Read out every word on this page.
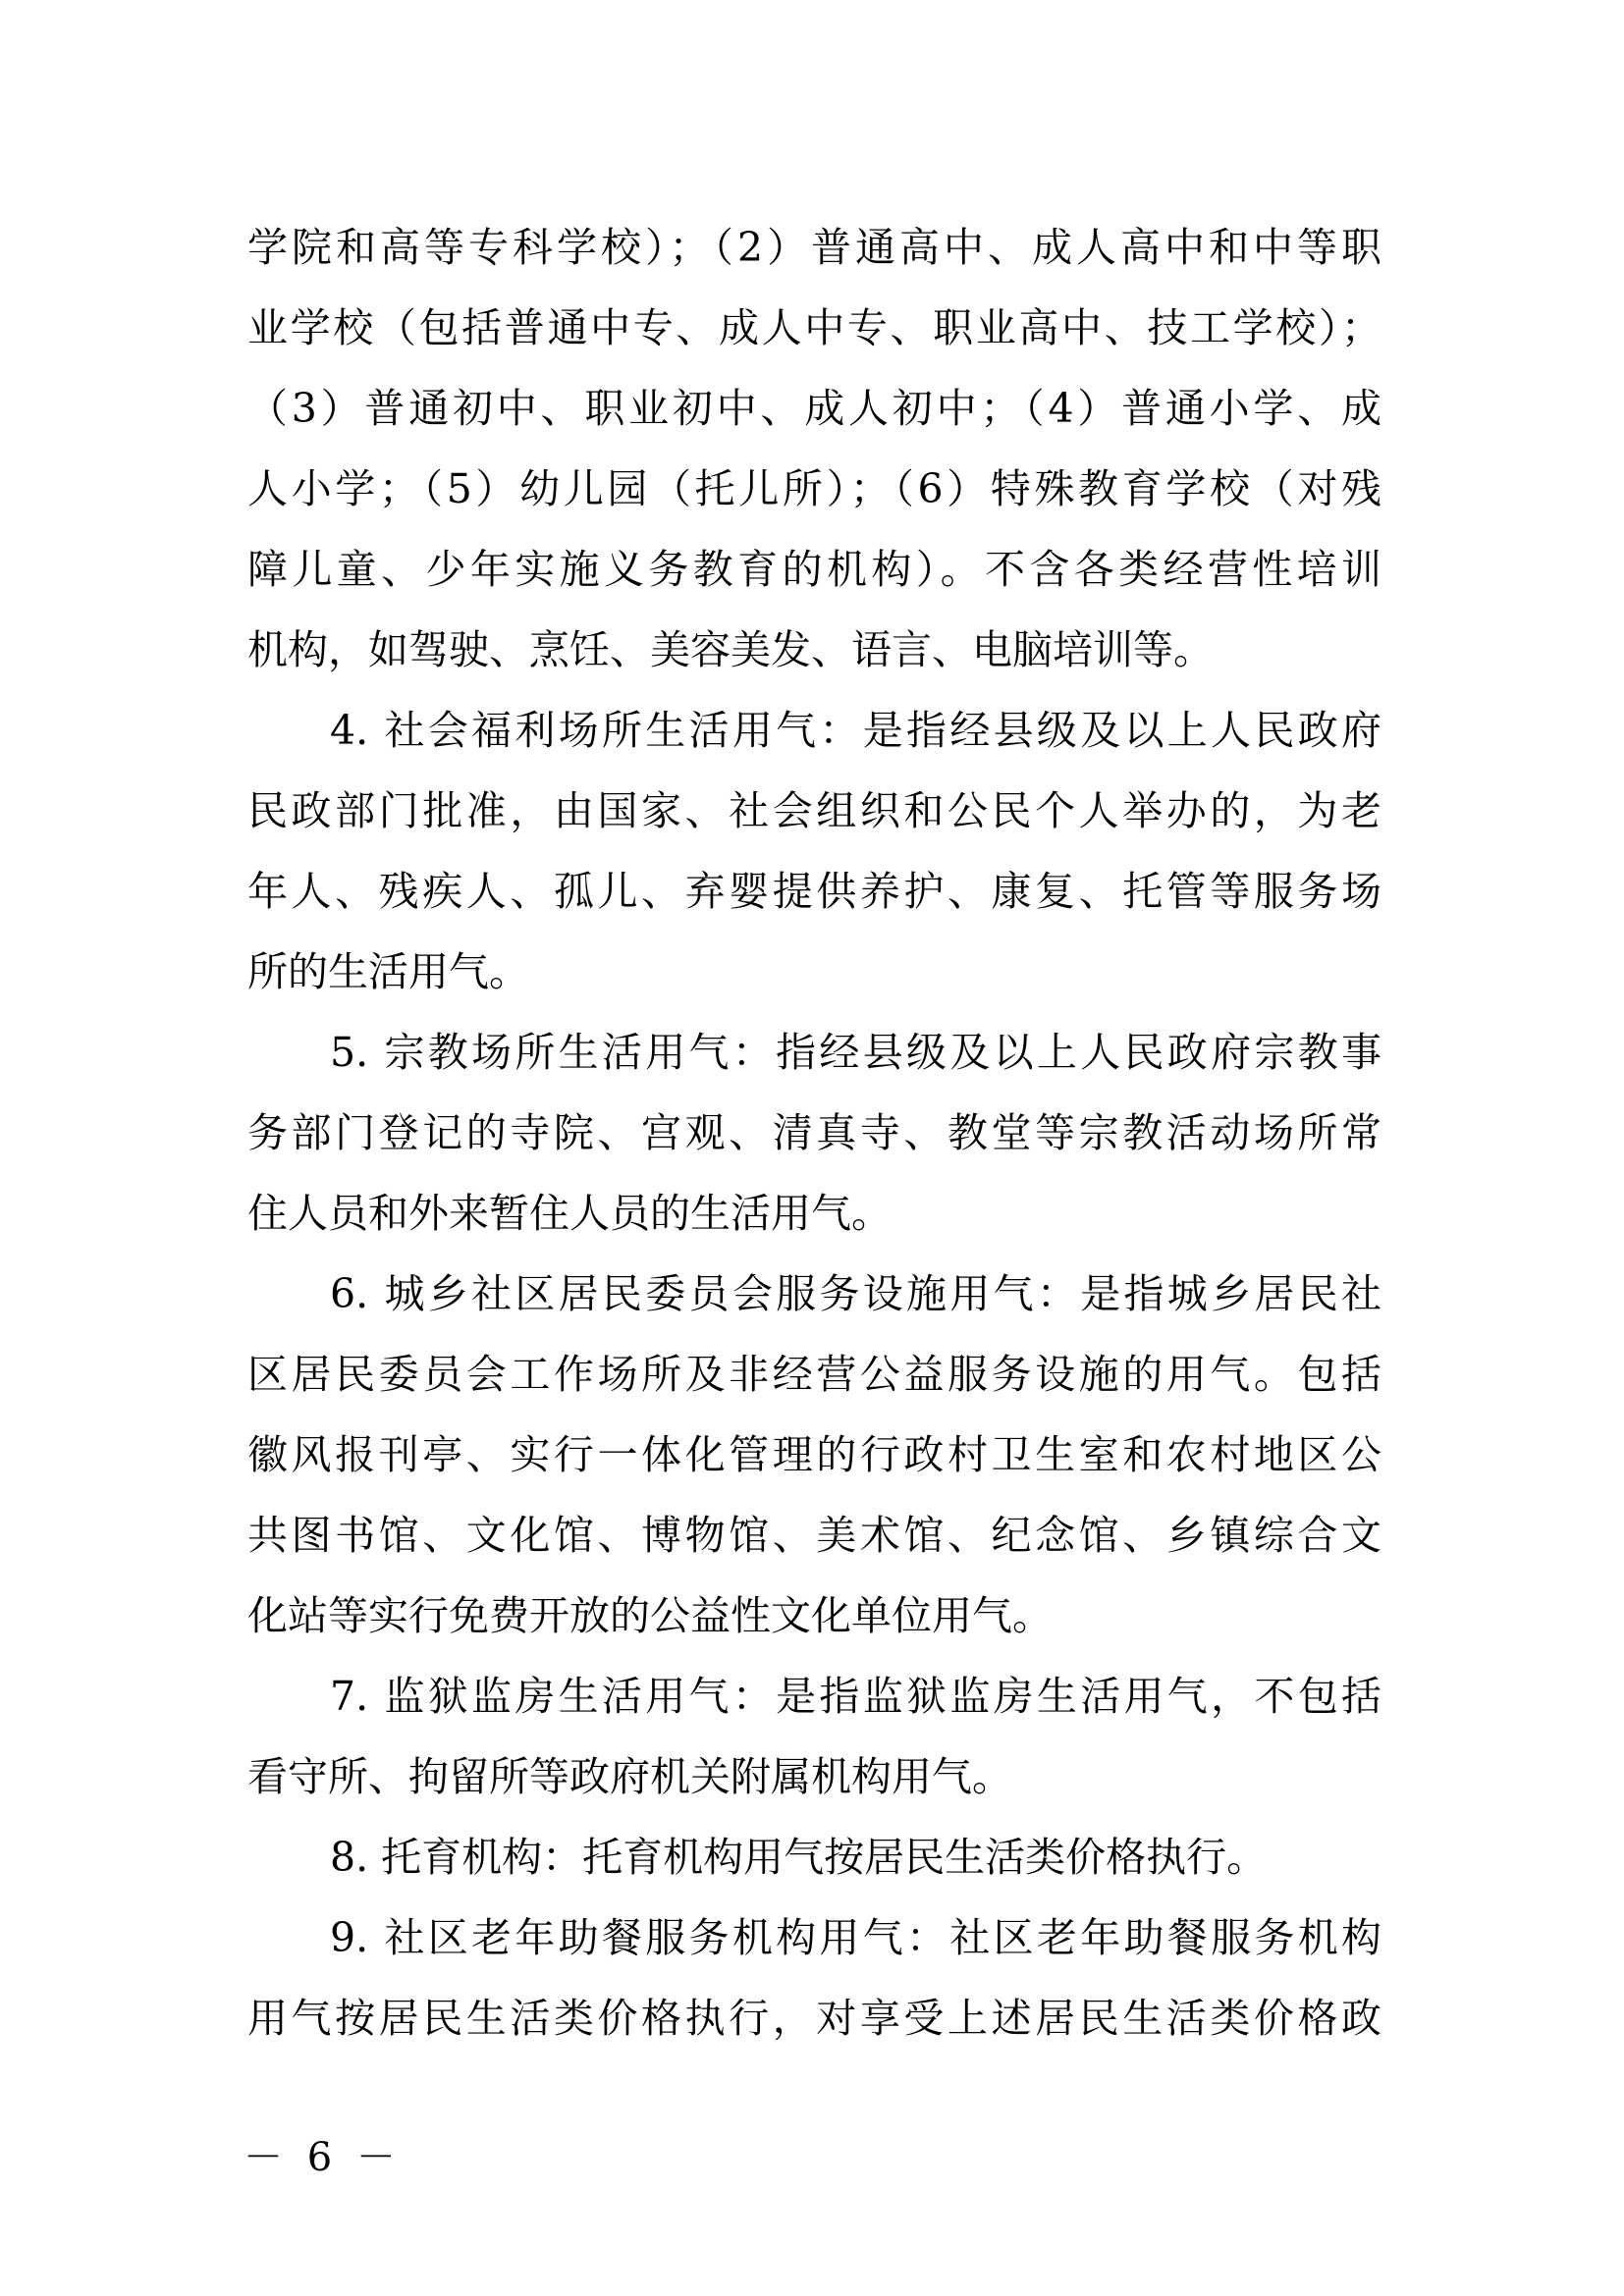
学院和高等专科学校）；（2）普通高中、成人高中和中等职
业学校（包括普通中专、成人中专、职业高中、技工学校）；
（3）普通初中、职业初中、成人初中；（4）普通小学、成
人小学；（5）幼儿园（托儿所）；（6）特殊教育学校（对残
障儿童、少年实施义务教育的机构）。不含各类经营性培训
机构，如驾驶、烹饪、美容美发、语言、电脑培训等。
4. 社会福利场所生活用气：是指经县级及以上人民政府
民政部门批准，由国家、社会组织和公民个人举办的，为老
年人、残疾人、孤儿、弃婴提供养护、康复、托管等服务场
所的生活用气。
5. 宗教场所生活用气：指经县级及以上人民政府宗教事
务部门登记的寺院、宫观、清真寺、教堂等宗教活动场所常
住人员和外来暂住人员的生活用气。
6. 城乡社区居民委员会服务设施用气：是指城乡居民社
区居民委员会工作场所及非经营公益服务设施的用气。包括
徽风报刊亭、实行一体化管理的行政村卫生室和农村地区公
共图书馆、文化馆、博物馆、美术馆、纪念馆、乡镇综合文
化站等实行免费开放的公益性文化单位用气。
7. 监狱监房生活用气：是指监狱监房生活用气，不包括
看守所、拘留所等政府机关附属机构用气。
8. 托育机构：托育机构用气按居民生活类价格执行。
9. 社区老年助餐服务机构用气：社区老年助餐服务机构
用气按居民生活类价格执行，对享受上述居民生活类价格政
－ 6 －
